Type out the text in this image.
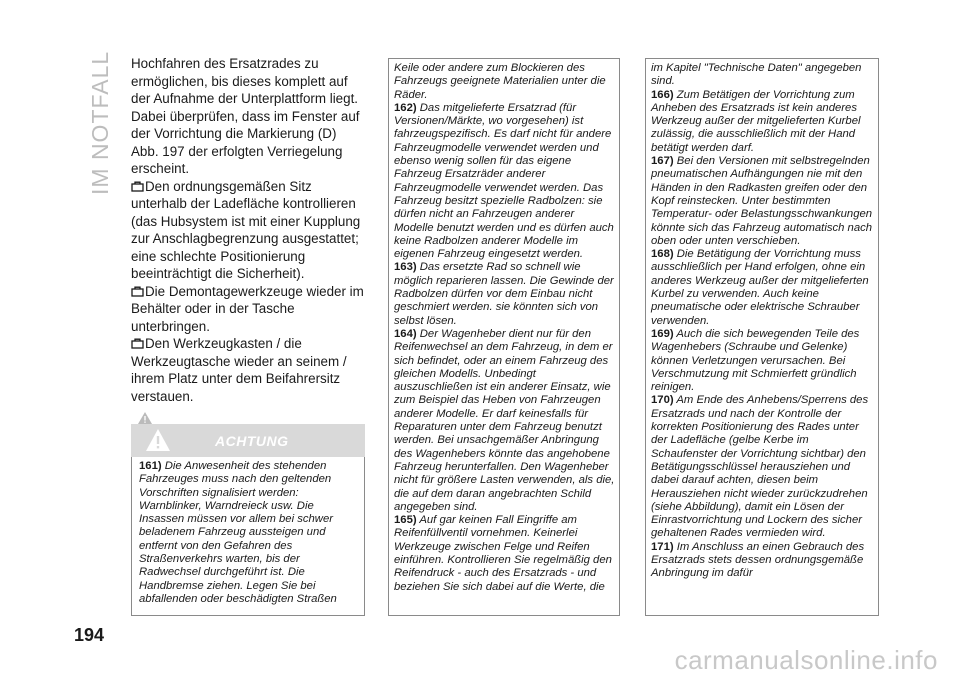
IM NOTFALL Hochfahren des Ersatzrades zu ermöglichen, bis dieses komplett auf der Aufnahme der Unterplattform liegt. Dabei überprüfen, dass im Fenster auf der Vorrichtung die Markierung (D) Abb. 197 der erfolgten Verriegelung erscheint.

Den ordnungsgemäßen Sitz unterhalb der Ladefläche kontrollieren (das Hubsystem ist mit einer Kupplung zur Anschlagbegrenzung ausgestattet; eine schlechte Positionierung beeinträchtigt die Sicherheit).

Die Demontagewerkzeuge wieder im Behälter oder in der Tasche unterbringen.

Den Werkzeugkasten / die Werkzeugtasche wieder an seinem / ihrem Platz unter dem Beifahrersitz verstauen.

ACHTUNG

161) Die Anwesenheit des stehenden Fahrzeuges muss nach den geltenden Vorschriften signalisiert werden: Warnblinker, Warndreieck usw. Die Insassen müssen vor allem bei schwer beladenem Fahrzeug aussteigen und entfernt von den Gefahren des Straßenverkehrs warten, bis der Radwechsel durchgeführt ist. Die Handbremse ziehen. Legen Sie bei abfallenden oder beschädigten Straßen

Keile oder andere zum Blockieren des Fahrzeugs geeignete Materialien unter die Räder.

162) Das mitgelieferte Ersatzrad (für Versionen/Märkte, wo vorgesehen) ist fahrzeugspezifisch. Es darf nicht für andere Fahrzeugmodelle verwendet werden und ebenso wenig sollen für das eigene Fahrzeug Ersatzräder anderer Fahrzeugmodelle verwendet werden. Das Fahrzeug besitzt spezielle Radbolzen: sie dürfen nicht an Fahrzeugen anderer Modelle benutzt werden und es dürfen auch keine Radbolzen anderer Modelle im eigenen Fahrzeug eingesetzt werden.

163) Das ersetzte Rad so schnell wie möglich reparieren lassen. Die Gewinde der Radbolzen dürfen vor dem Einbau nicht geschmiert werden. sie könnten sich von selbst lösen.

164) Der Wagenheber dient nur für den Reifenwechsel an dem Fahrzeug, in dem er sich befindet, oder an einem Fahrzeug des gleichen Modells. Unbedingt auszuschließen ist ein anderer Einsatz, wie zum Beispiel das Heben von Fahrzeugen anderer Modelle. Er darf keinesfalls für Reparaturen unter dem Fahrzeug benutzt werden. Bei unsachgemäßer Anbringung des Wagenhebers könnte das angehobene Fahrzeug herunterfallen. Den Wagenheber nicht für größere Lasten verwenden, als die, die auf dem daran angebrachten Schild angegeben sind.

165) Auf gar keinen Fall Eingriffe am Reifenfüllventil vornehmen. Keinerlei Werkzeuge zwischen Felge und Reifen einführen. Kontrollieren Sie regelmäßig den Reifendruck - auch des Ersatzrads - und beziehen Sie sich dabei auf die Werte, die

im Kapitel "Technische Daten" angegeben sind.

166) Zum Betätigen der Vorrichtung zum Anheben des Ersatzrads ist kein anderes Werkzeug außer der mitgelieferten Kurbel zulässig, die ausschließlich mit der Hand betätigt werden darf.

167) Bei den Versionen mit selbstregelnden pneumatischen Aufhängungen nie mit den Händen in den Radkasten greifen oder den Kopf reinstecken. Unter bestimmten Temperatur- oder Belastungsschwankungen könnte sich das Fahrzeug automatisch nach oben oder unten verschieben.

168) Die Betätigung der Vorrichtung muss ausschließlich per Hand erfolgen, ohne ein anderes Werkzeug außer der mitgelieferten Kurbel zu verwenden. Auch keine pneumatische oder elektrische Schrauber verwenden.

169) Auch die sich bewegenden Teile des Wagenhebers (Schraube und Gelenke) können Verletzungen verursachen. Bei Verschmutzung mit Schmierfett gründlich reinigen.

170) Am Ende des Anhebens/Sperrens des Ersatzrads und nach der Kontrolle der korrekten Positionierung des Rades unter der Ladefläche (gelbe Kerbe im Schaufenster der Vorrichtung sichtbar) den Betätigungsschlüssel herausziehen und dabei darauf achten, diesen beim Herausziehen nicht wieder zurückzudrehen (siehe Abbildung), damit ein Lösen der Einrastvorrichtung und Lockern des sicher gehaltenen Rades vermieden wird.

171) Im Anschluss an einen Gebrauch des Ersatzrads stets dessen ordnungsgemäße Anbringung im dafür

194
carmanualsonline.info
